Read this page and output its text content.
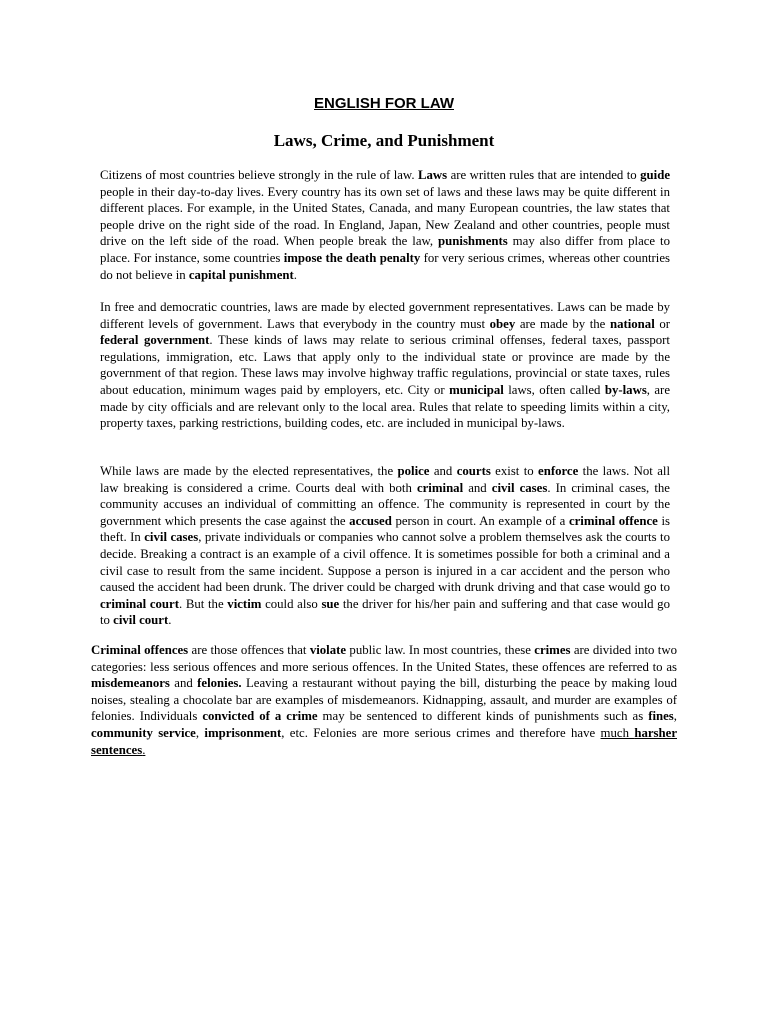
ENGLISH FOR LAW
Laws, Crime, and Punishment

Citizens of most countries believe strongly in the rule of law. Laws are written rules that are intended to guide people in their day-to-day lives. Every country has its own set of laws and these laws may be quite different in different places. For example, in the United States, Canada, and many European countries, the law states that people drive on the right side of the road. In England, Japan, New Zealand and other countries, people must drive on the left side of the road. When people break the law, punishments may also differ from place to place. For instance, some countries impose the death penalty for very serious crimes, whereas other countries do not believe in capital punishment.

In free and democratic countries, laws are made by elected government representatives. Laws can be made by different levels of government. Laws that everybody in the country must obey are made by the national or federal government. These kinds of laws may relate to serious criminal offenses, federal taxes, passport regulations, immigration, etc. Laws that apply only to the individual state or province are made by the government of that region. These laws may involve highway traffic regulations, provincial or state taxes, rules about education, minimum wages paid by employers, etc. City or municipal laws, often called by-laws, are made by city officials and are relevant only to the local area. Rules that relate to speeding limits within a city, property taxes, parking restrictions, building codes, etc. are included in municipal by-laws.

While laws are made by the elected representatives, the police and courts exist to enforce the laws. Not all law breaking is considered a crime. Courts deal with both criminal and civil cases. In criminal cases, the community accuses an individual of committing an offence. The community is represented in court by the government which presents the case against the accused person in court. An example of a criminal offence is theft. In civil cases, private individuals or companies who cannot solve a problem themselves ask the courts to decide. Breaking a contract is an example of a civil offence. It is sometimes possible for both a criminal and a civil case to result from the same incident. Suppose a person is injured in a car accident and the person who caused the accident had been drunk. The driver could be charged with drunk driving and that case would go to criminal court. But the victim could also sue the driver for his/her pain and suffering and that case would go to civil court.

Criminal offences are those offences that violate public law. In most countries, these crimes are divided into two categories: less serious offences and more serious offences. In the United States, these offences are referred to as misdemeanors and felonies. Leaving a restaurant without paying the bill, disturbing the peace by making loud noises, stealing a chocolate bar are examples of misdemeanors. Kidnapping, assault, and murder are examples of felonies. Individuals convicted of a crime may be sentenced to different kinds of punishments such as fines, community service, imprisonment, etc. Felonies are more serious crimes and therefore have much harsher sentences.
